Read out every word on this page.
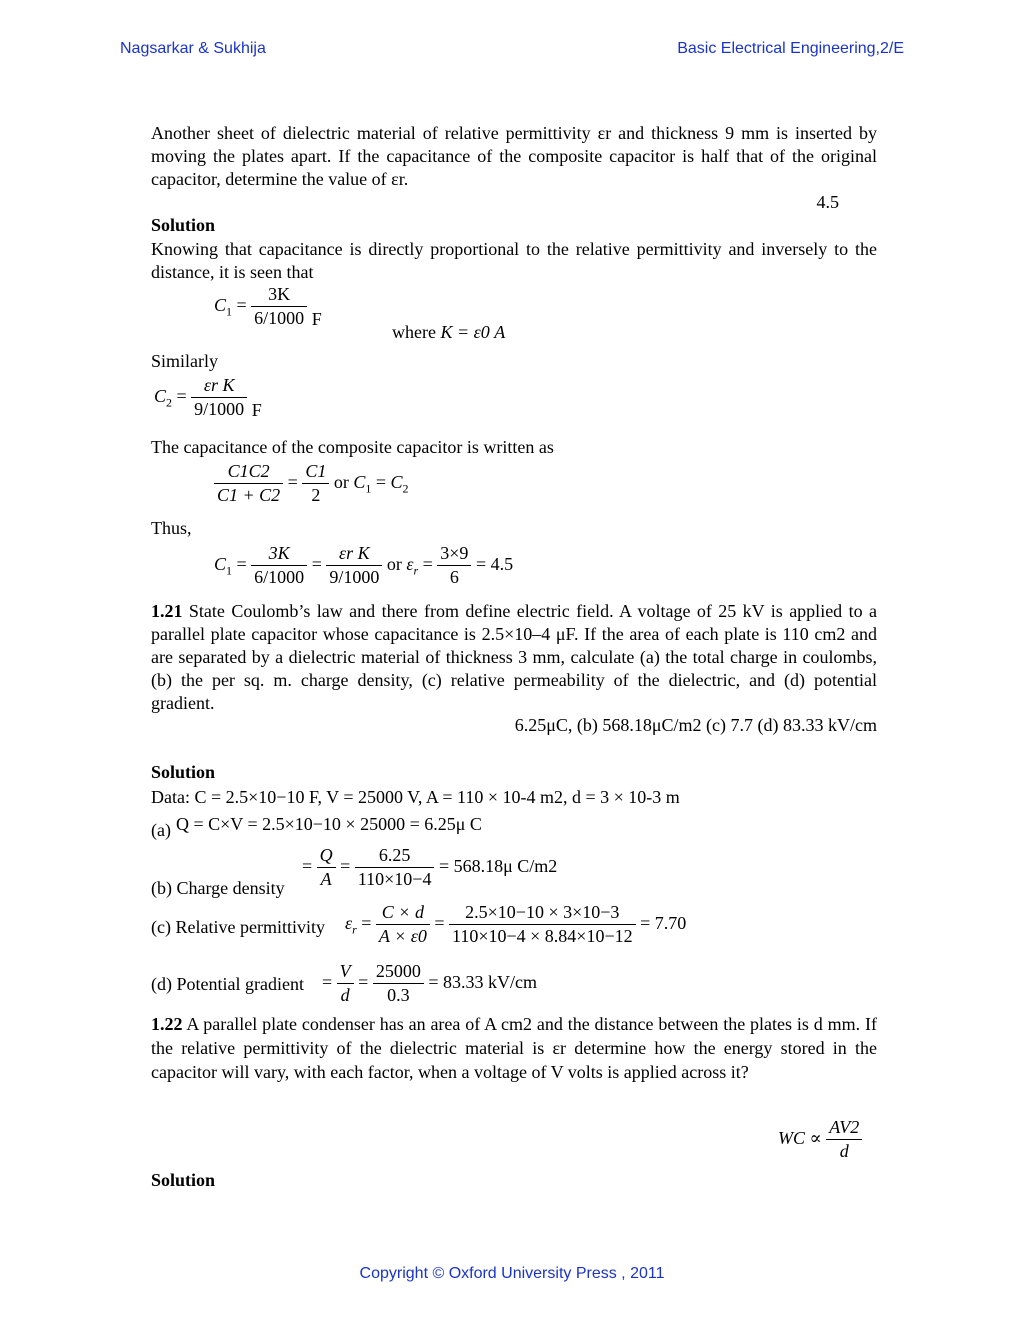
Nagsarkar & Sukhija	Basic Electrical Engineering,2/E
Another sheet of dielectric material of relative permittivity εr and thickness 9 mm is inserted by moving the plates apart. If the capacitance of the composite capacitor is half that of the original capacitor, determine the value of εr.
4.5
Solution
Knowing that capacitance is directly proportional to the relative permittivity and inversely to the distance, it is seen that
$C_1 = \frac{3K}{6/1000}$ F
where K = ε0 A
Similarly
$C_2 = \frac{\text{εr K}}{9/1000}$ F
The capacitance of the composite capacitor is written as
$\frac{C1C2}{C1 + C2} = \frac{C1}{2}$ or $C_1 = C_2$
Thus,
$C_1 = \frac{3K}{6/1000} = \frac{\text{εr K}}{9/1000}$ or $\varepsilon_r = \frac{3\times 9}{6} = 4.5$
1.21 State Coulomb’s law and there from define electric field. A voltage of 25 kV is applied to a parallel plate capacitor whose capacitance is 2.5×10–4 μF. If the area of each plate is 110 cm2 and are separated by a dielectric material of thickness 3 mm, calculate (a) the total charge in coulombs, (b) the per sq. m. charge density, (c) relative permeability of the dielectric, and (d) potential gradient.
6.25μC, (b) 568.18μC/m2 (c) 7.7 (d) 83.33 kV/cm
Solution
Data: C = 2.5×10−10 F, V = 25000 V, A = 110 × 10-4 m2, d = 3 × 10-3 m
(a) Q = C×V = 2.5×10−10 × 25000 = 6.25μ C
(b) Charge density
= $\frac{Q}{A} = \frac{6.25}{110\times 10-4} = 568.18\mu$ C/m2
(c) Relative permittivity $\varepsilon_r = \frac{C \times d}{A \times \varepsilon 0} = \frac{2.5\times 10-10 \times 3\times 10-3}{110\times 10-4 \times 8.84\times 10-12} = 7.70$
(d) Potential gradient = $\frac{V}{d} = \frac{25000}{0.3} = 83.33$ kV/cm
1.22 A parallel plate condenser has an area of A cm2 and the distance between the plates is d mm. If the relative permittivity of the dielectric material is εr determine how the energy stored in the capacitor will vary, with each factor, when a voltage of V volts is applied across it?
WC ∝ $\frac{AV2}{d}$
Solution
Copyright © Oxford University Press , 2011
